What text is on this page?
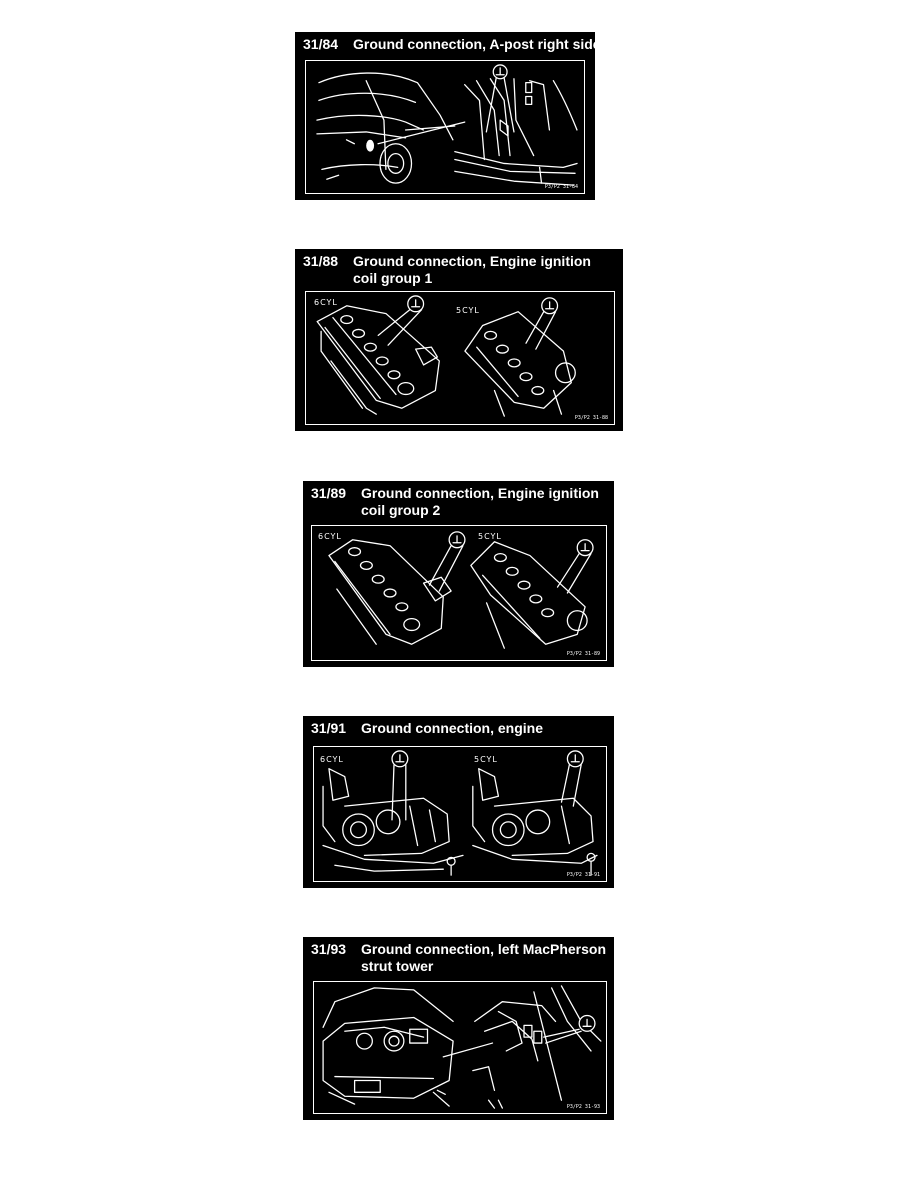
31/84 Ground connection, A-post right side
P3/P2 31-84
31/88 Ground connection, Engine ignition
coil group 1
6CYL
5CYL
P3/P2 31-88
31/89 Ground connection, Engine ignition
coil group 2
6CYL	5CYL
P3/P2 31-89
31/91 Ground connection, engine
6CYL	5CYL
P3/P2 31-91
31/93 Ground connection, left MacPherson
strut tower
P3/P2 31-93
